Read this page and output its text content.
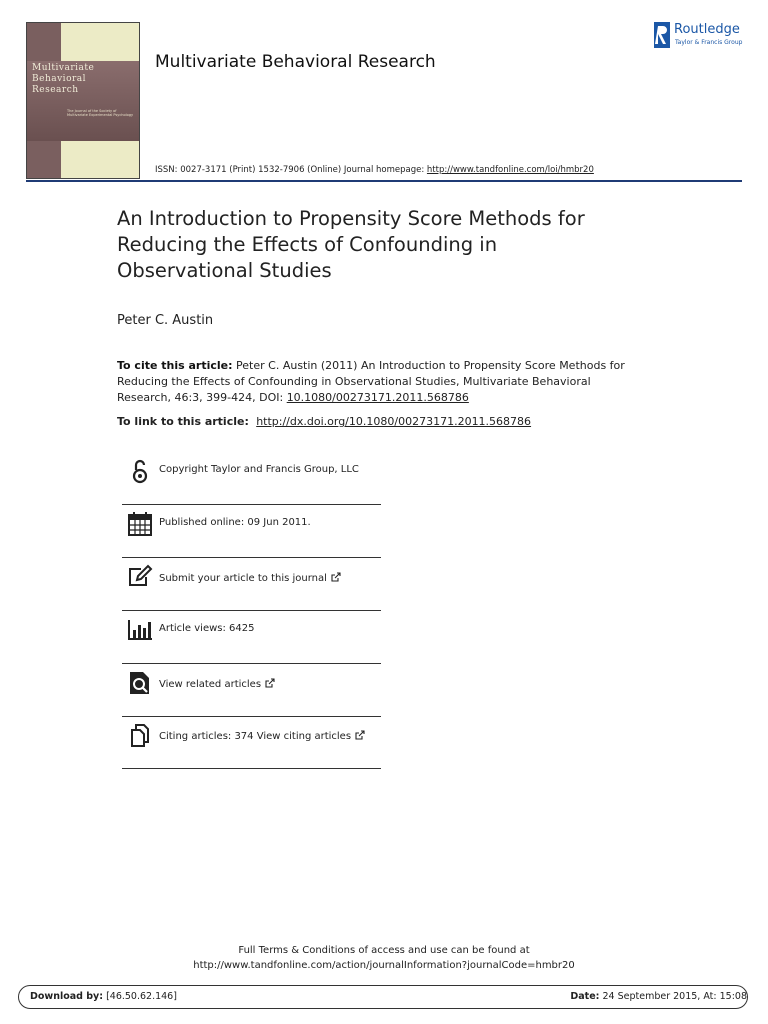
Multivariate
Behavioral
Research
The Journal of the Society of Multivariate Experimental Psychology
Multivariate Behavioral Research
Routledge
Taylor & Francis Group
ISSN: 0027-3171 (Print) 1532-7906 (Online) Journal homepage: http://www.tandfonline.com/loi/hmbr20
An Introduction to Propensity Score Methods for Reducing the Effects of Confounding in Observational Studies
Peter C. Austin
To cite this article: Peter C. Austin (2011) An Introduction to Propensity Score Methods for Reducing the Effects of Confounding in Observational Studies, Multivariate Behavioral Research, 46:3, 399-424, DOI: 10.1080/00273171.2011.568786
To link to this article:  http://dx.doi.org/10.1080/00273171.2011.568786
Copyright Taylor and Francis Group, LLC
Published online: 09 Jun 2011.
Submit your article to this journal
Article views: 6425
View related articles
Citing articles: 374 View citing articles
Full Terms & Conditions of access and use can be found at
http://www.tandfonline.com/action/journalInformation?journalCode=hmbr20
Download by: [46.50.62.146]	Date: 24 September 2015, At: 15:08
